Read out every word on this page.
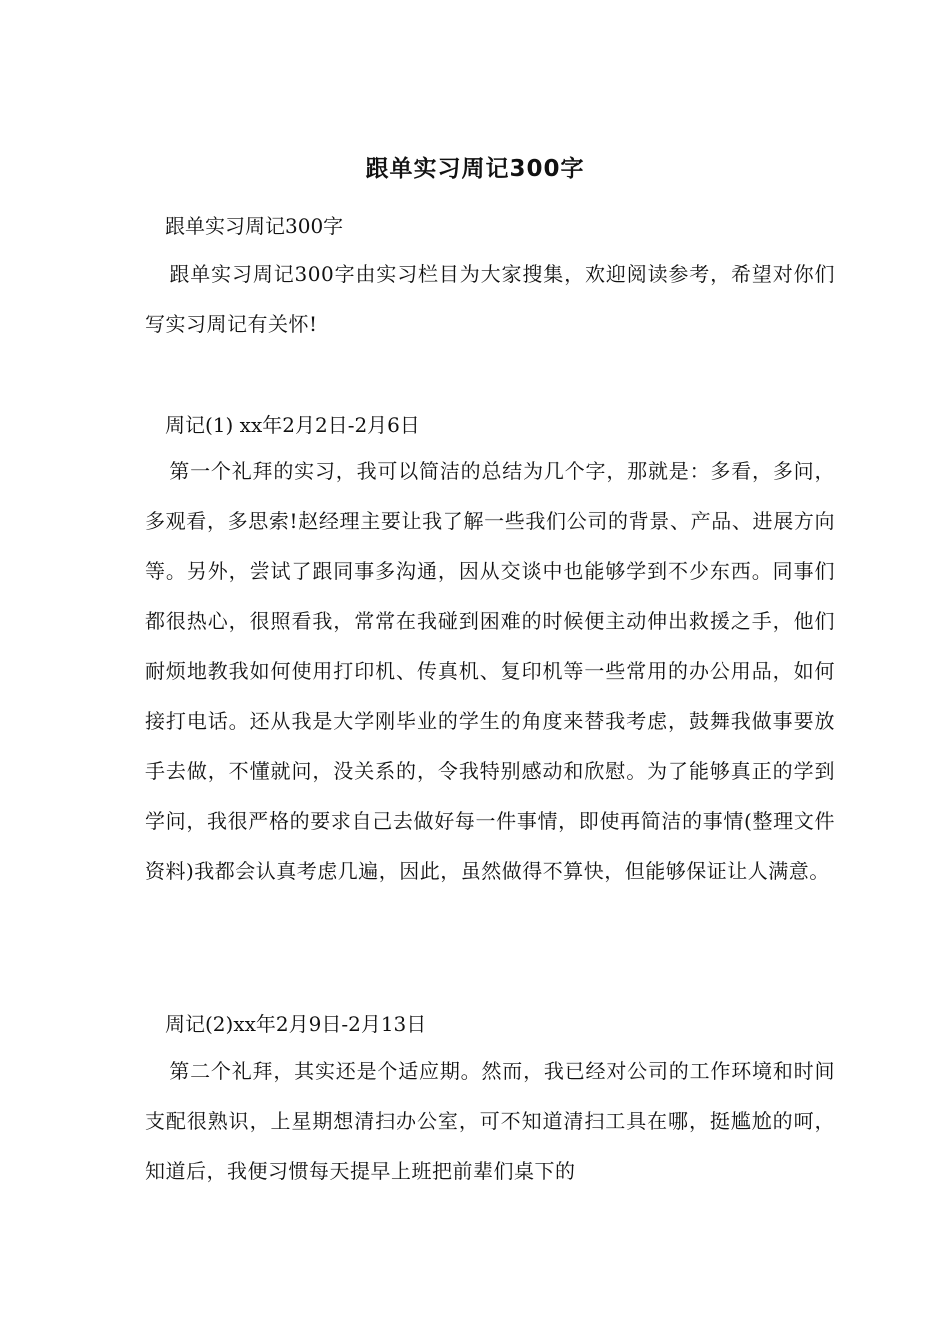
跟单实习周记300字
跟单实习周记300字
跟单实习周记300字由实习栏目为大家搜集，欢迎阅读参考，希望对你们写实习周记有关怀!
周记(1) xx年2月2日-2月6日
第一个礼拜的实习，我可以简洁的总结为几个字，那就是：多看，多问，多观看，多思索!赵经理主要让我了解一些我们公司的背景、产品、进展方向等。另外，尝试了跟同事多沟通，因从交谈中也能够学到不少东西。同事们都很热心，很照看我，常常在我碰到困难的时候便主动伸出救援之手，他们耐烦地教我如何使用打印机、传真机、复印机等一些常用的办公用品，如何接打电话。还从我是大学刚毕业的学生的角度来替我考虑，鼓舞我做事要放手去做，不懂就问，没关系的，令我特别感动和欣慰。为了能够真正的学到学问，我很严格的要求自己去做好每一件事情，即使再简洁的事情(整理文件资料)我都会认真考虑几遍，因此，虽然做得不算快，但能够保证让人满意。
周记(2)xx年2月9日-2月13日
第二个礼拜，其实还是个适应期。然而，我已经对公司的工作环境和时间支配很熟识，上星期想清扫办公室，可不知道清扫工具在哪，挺尴尬的呵，知道后，我便习惯每天提早上班把前辈们桌下的
